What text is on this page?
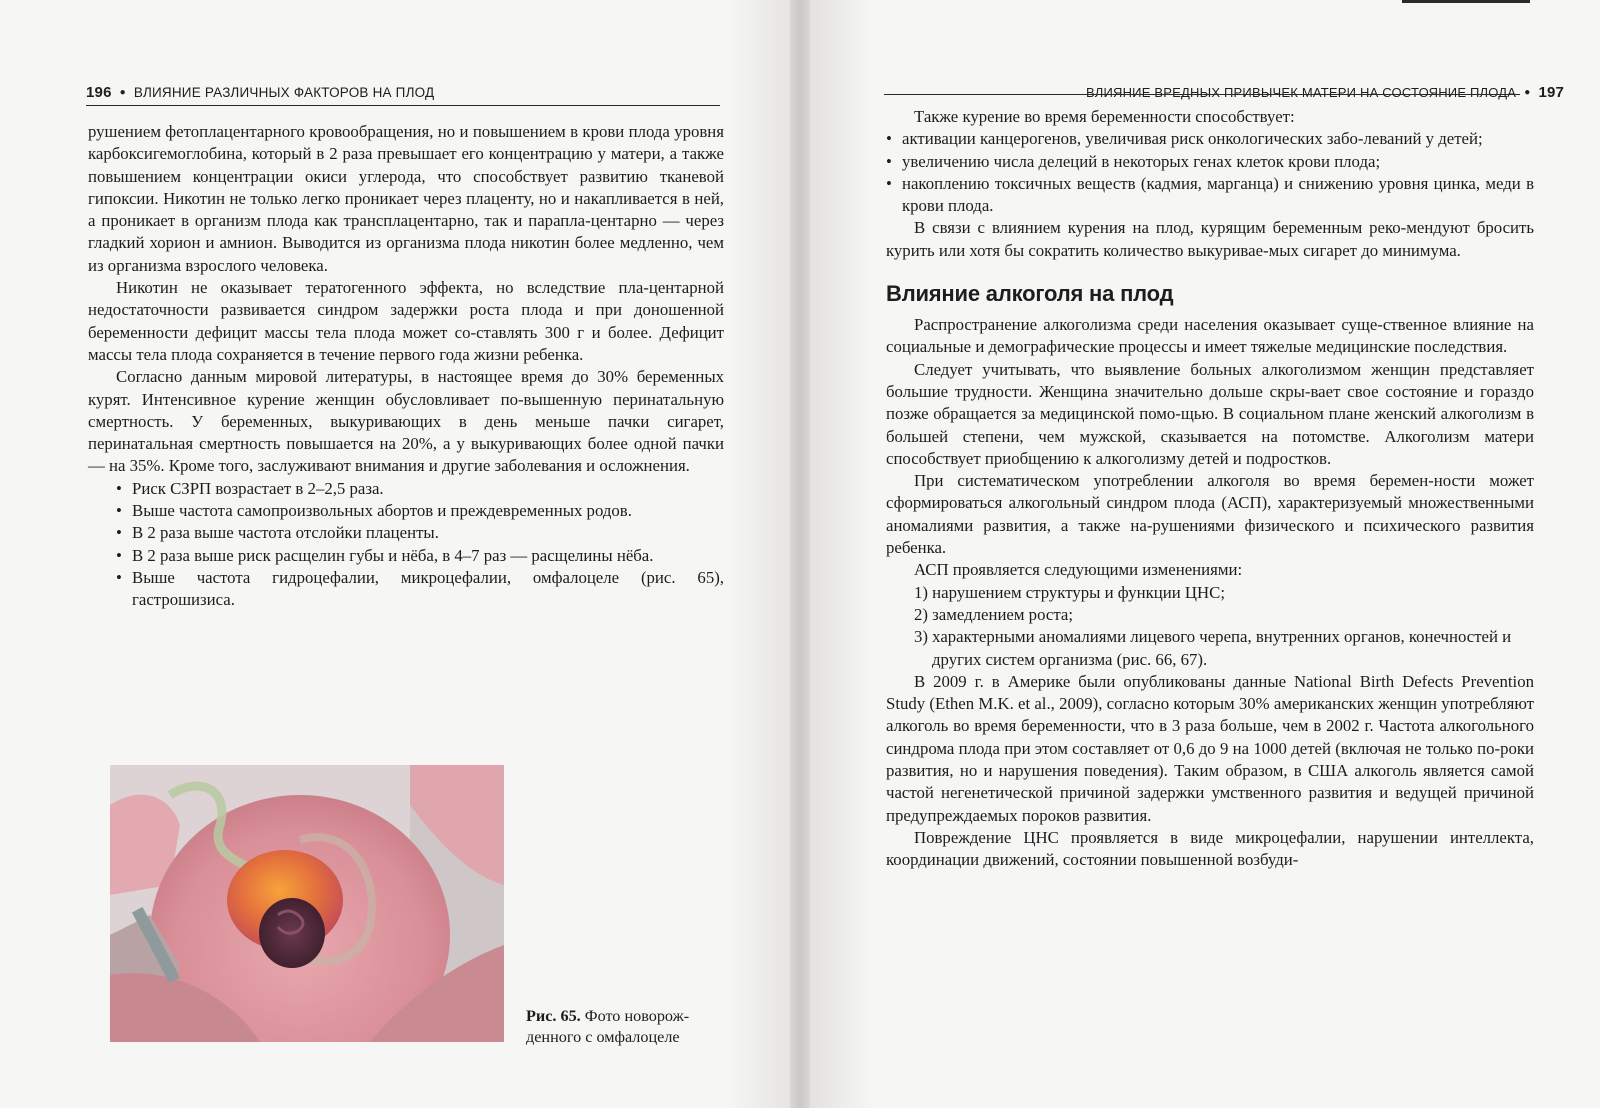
196 ● ВЛИЯНИЕ РАЗЛИЧНЫХ ФАКТОРОВ НА ПЛОД

рушением фетоплацентарного кровообращения, но и повышением в крови плода уровня карбоксигемоглобина, который в 2 раза превышает его концентрацию у матери, а также повышением концентрации окиси углерода, что способствует развитию тканевой гипоксии. Никотин не только легко проникает через плаценту, но и накапливается в ней, а проникает в организм плода как трансплацентарно, так и парапла-центарно — через гладкий хорион и амнион. Выводится из организма плода никотин более медленно, чем из организма взрослого человека.

Никотин не оказывает тератогенного эффекта, но вследствие пла-центарной недостаточности развивается синдром задержки роста плода и при доношенной беременности дефицит массы тела плода может со-ставлять 300 г и более. Дефицит массы тела плода сохраняется в течение первого года жизни ребенка.

Согласно данным мировой литературы, в настоящее время до 30% беременных курят. Интенсивное курение женщин обусловливает по-вышенную перинатальную смертность. У беременных, выкуривающих в день меньше пачки сигарет, перинатальная смертность повышается на 20%, а у выкуривающих более одной пачки — на 35%. Кроме того, заслуживают внимания и другие заболевания и осложнения.

• Риск СЗРП возрастает в 2–2,5 раза.
• Выше частота самопроизвольных абортов и преждевременных родов.
• В 2 раза выше частота отслойки плаценты.
• В 2 раза выше риск расщелин губы и нёба, в 4–7 раз — расщелины нёба.
• Выше частота гидроцефалии, микроцефалии, омфалоцеле (рис. 65), гастрошизиса.
Рис. 65. Фото новорож-денного с омфалоцеле
ВЛИЯНИЕ ВРЕДНЫХ ПРИВЫЧЕК МАТЕРИ НА СОСТОЯНИЕ ПЛОДА ● 197

Также курение во время беременности способствует:

• активации канцерогенов, увеличивая риск онкологических забо-леваний у детей;
• увеличению числа делеций в некоторых генах клеток крови плода;
• накоплению токсичных веществ (кадмия, марганца) и снижению уровня цинка, меди в крови плода.

В связи с влиянием курения на плод, курящим беременным реко-мендуют бросить курить или хотя бы сократить количество выкуривае-мых сигарет до минимума.

Влияние алкоголя на плод

Распространение алкоголизма среди населения оказывает суще-ственное влияние на социальные и демографические процессы и имеет тяжелые медицинские последствия.

Следует учитывать, что выявление больных алкоголизмом женщин представляет большие трудности. Женщина значительно дольше скры-вает свое состояние и гораздо позже обращается за медицинской помо-щью. В социальном плане женский алкоголизм в большей степени, чем мужской, сказывается на потомстве. Алкоголизм матери способствует приобщению к алкоголизму детей и подростков.

При систематическом употреблении алкоголя во время беремен-ности может сформироваться алкогольный синдром плода (АСП), характеризуемый множественными аномалиями развития, а также на-рушениями физического и психического развития ребенка.

АСП проявляется следующими изменениями:

1) нарушением структуры и функции ЦНС;
2) замедлением роста;
3) характерными аномалиями лицевого черепа, внутренних органов, конечностей и других систем организма (рис. 66, 67).

В 2009 г. в Америке были опубликованы данные National Birth Defects Prevention Study (Ethen M.K. et al., 2009), согласно которым 30% американских женщин употребляют алкоголь во время беременности, что в 3 раза больше, чем в 2002 г. Частота алкогольного синдрома плода при этом составляет от 0,6 до 9 на 1000 детей (включая не только по-роки развития, но и нарушения поведения). Таким образом, в США алкоголь является самой частой негенетической причиной задержки умственного развития и ведущей причиной предупреждаемых пороков развития.

Повреждение ЦНС проявляется в виде микроцефалии, нарушении интеллекта, координации движений, состоянии повышенной возбуди-
